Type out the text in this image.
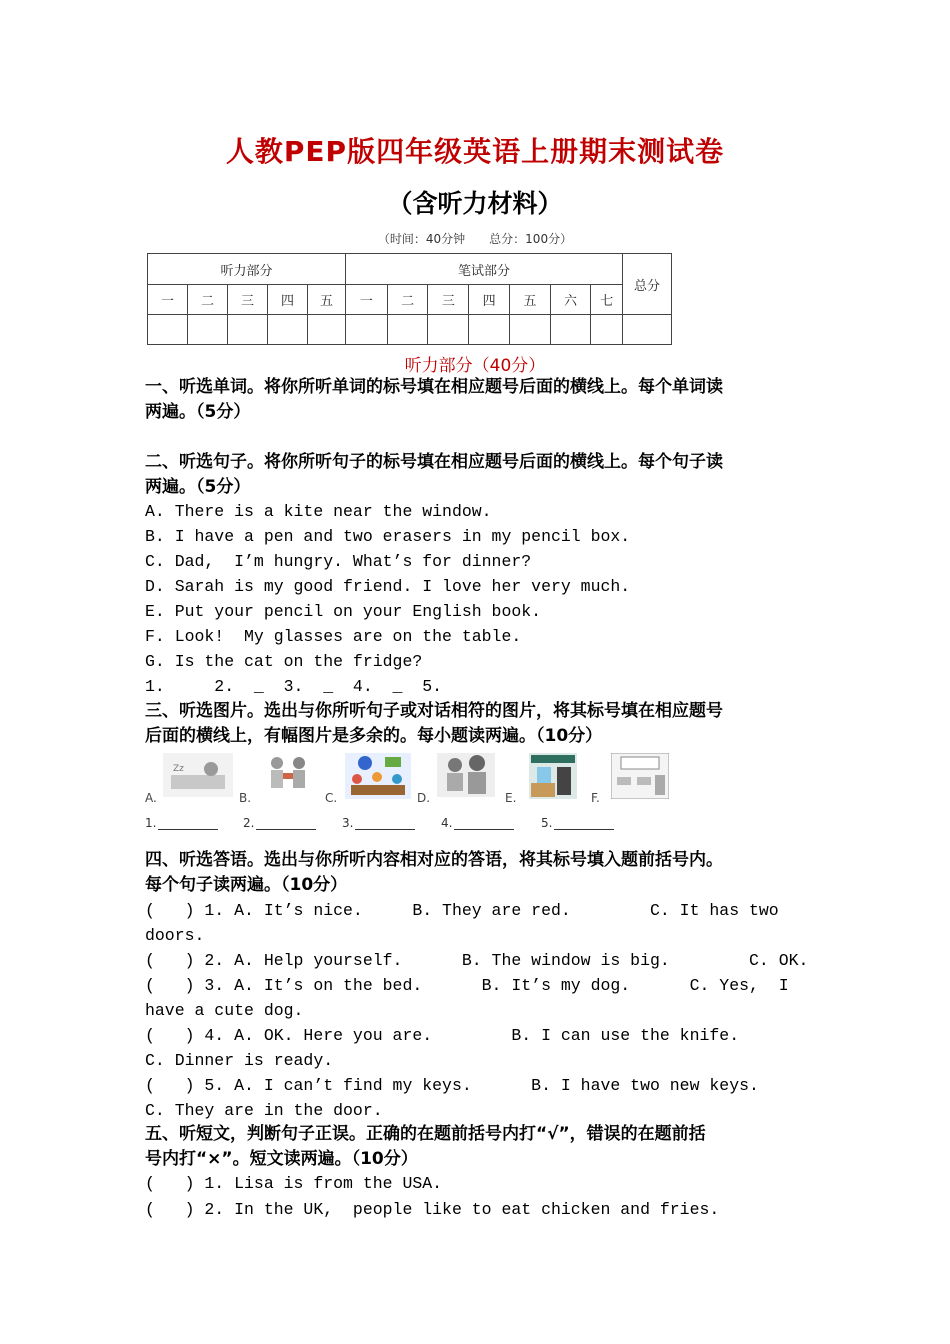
人教PEP版四年级英语上册期末测试卷
（含听力材料）
（时间：40分钟　　总分：100分）
听力部分					笔试部分							总分
一	二	三	四	五	一	二	三	四	五	六	七	

听力部分（40分）
一、听选单词。将你所听单词的标号填在相应题号后面的横线上。每个单词读
两遍。（5分）
二、听选句子。将你所听句子的标号填在相应题号后面的横线上。每个句子读
两遍。（5分）
A. There is a kite near the window.
B. I have a pen and two erasers in my pencil box.
C. Dad,  I’m hungry. What’s for dinner?
D. Sarah is my good friend. I love her very much.
E. Put your pencil on your English book.
F. Look!  My glasses are on the table.
G. Is the cat on the fridge?
1.     2.  _  3.  _  4.  _  5.
三、听选图片。选出与你所听句子或对话相符的图片，将其标号填在相应题号
后面的横线上，有幅图片是多余的。每小题读两遍。（10分）
A.
Zz
B.	C.	D.	E.	F.
1.	2.	3.	4.	5.
四、听选答语。选出与你所听内容相对应的答语，将其标号填入题前括号内。
每个句子读两遍。（10分）
(   ) 1. A. It’s nice.     B. They are red.        C. It has two
doors.
(   ) 2. A. Help yourself.      B. The window is big.        C. OK.
(   ) 3. A. It’s on the bed.      B. It’s my dog.      C. Yes,  I
have a cute dog.
(   ) 4. A. OK. Here you are.        B. I can use the knife.
C. Dinner is ready.
(   ) 5. A. I can’t find my keys.      B. I have two new keys.
C. They are in the door.
五、听短文，判断句子正误。正确的在题前括号内打“√”，错误的在题前括
号内打“×”。短文读两遍。（10分）
(   ) 1. Lisa is from the USA.
(   ) 2. In the UK,  people like to eat chicken and fries.
